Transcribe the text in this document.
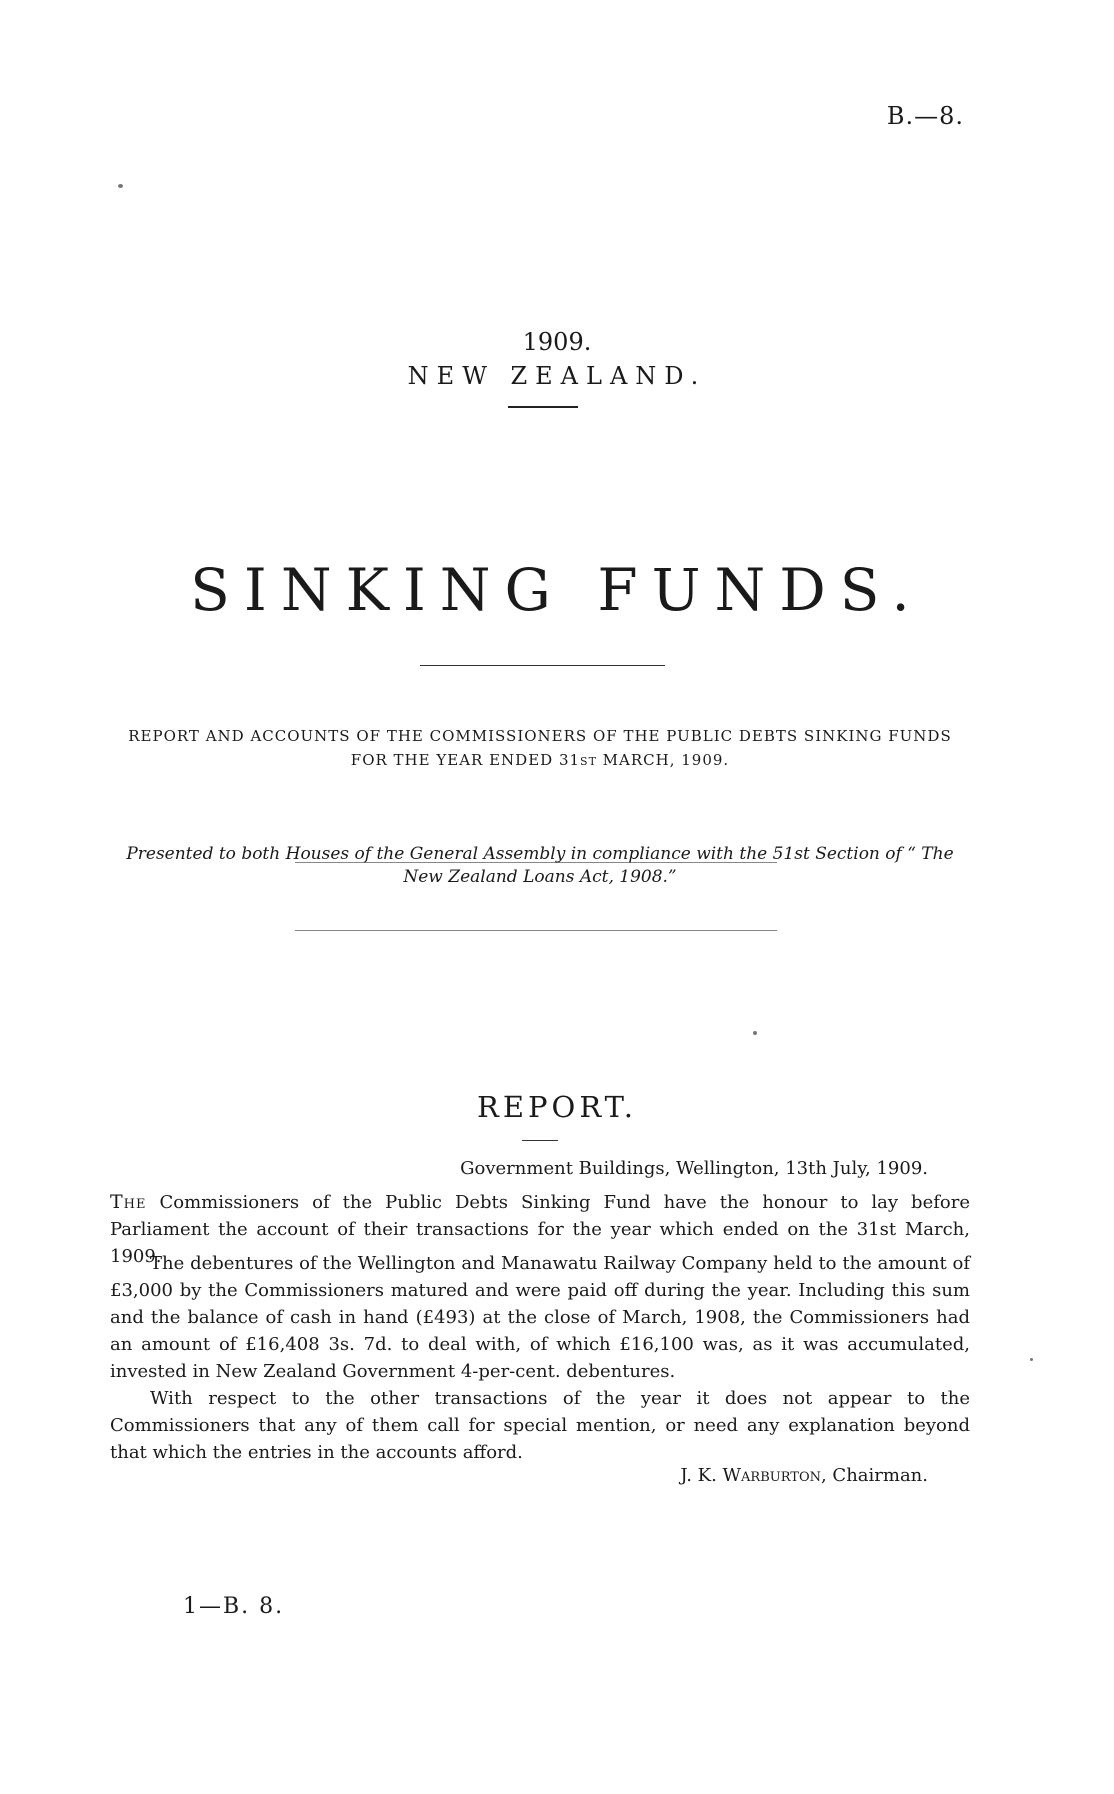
B.—8.
1909.
NEW ZEALAND.
SINKING FUNDS.
REPORT AND ACCOUNTS OF THE COMMISSIONERS OF THE PUBLIC DEBTS SINKING FUNDS
FOR THE YEAR ENDED 31ST MARCH, 1909.
Presented to both Houses of the General Assembly in compliance with the 51st Section of “ The
New Zealand Loans Act, 1908.”
REPORT.
Government Buildings, Wellington, 13th July, 1909.
The Commissioners of the Public Debts Sinking Fund have the honour to lay before Parliament the account of their transactions for the year which ended on the 31st March, 1909.
The debentures of the Wellington and Manawatu Railway Company held to the amount of £3,000 by the Commissioners matured and were paid off during the year. Including this sum and the balance of cash in hand (£493) at the close of March, 1908, the Commissioners had an amount of £16,408 3s. 7d. to deal with, of which £16,100 was, as it was accumulated, invested in New Zealand Government 4-per-cent. debentures.
With respect to the other transactions of the year it does not appear to the Commissioners that any of them call for special mention, or need any explanation beyond that which the entries in the accounts afford.
J. K. Warburton, Chairman.
1—B. 8.
